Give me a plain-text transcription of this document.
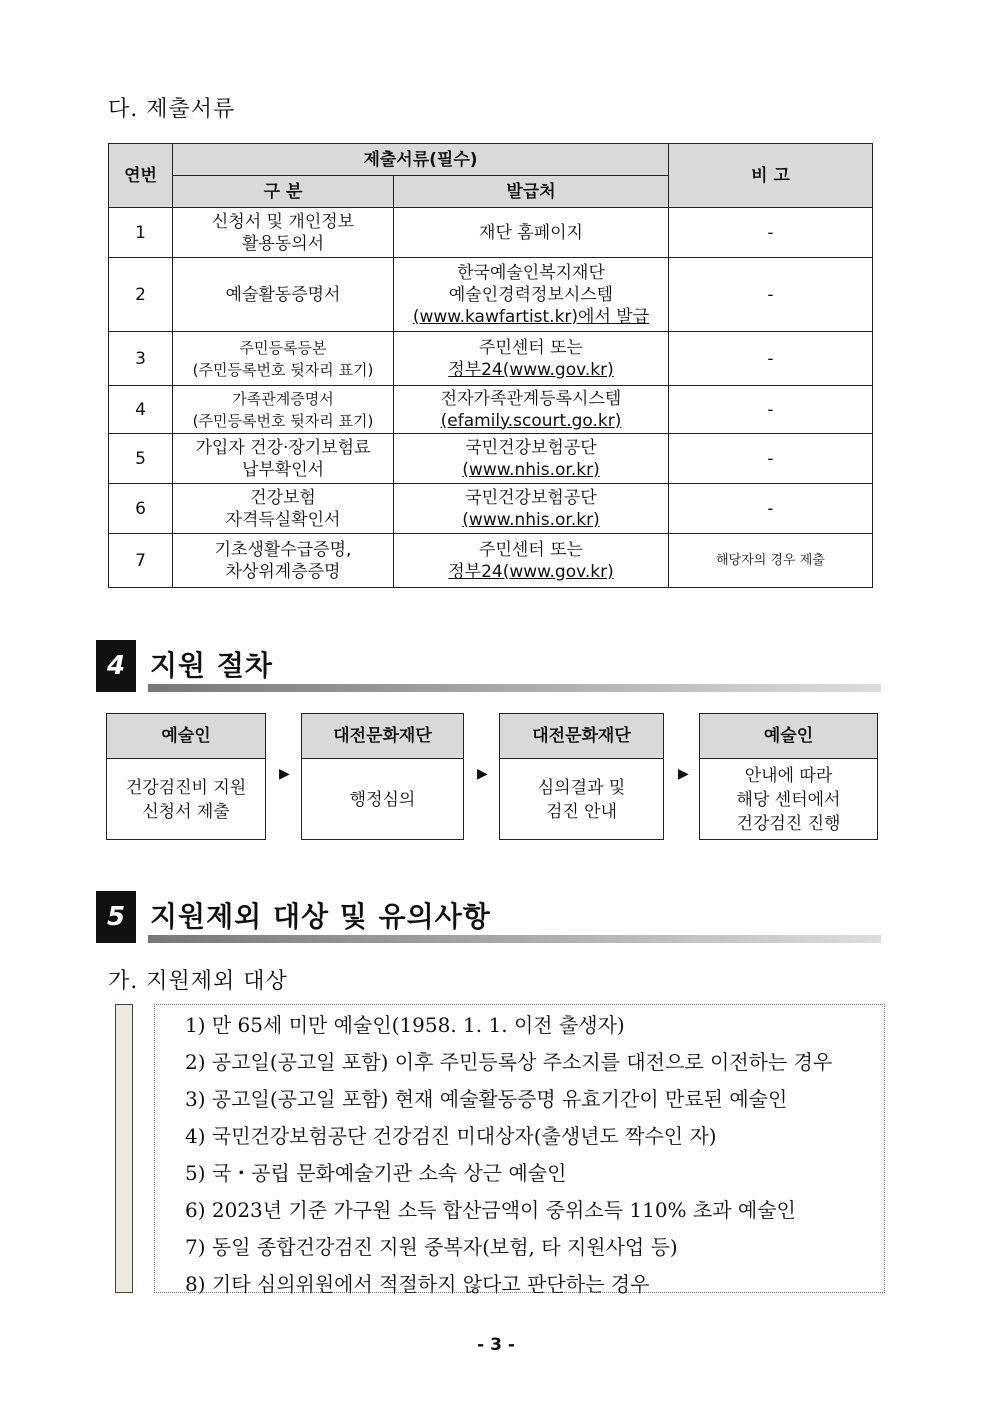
다. 제출서류
연번	제출서류(필수)		비 고
	구 분	발급처	
1	신청서 및 개인정보
활용동의서	재단 홈페이지	-
2	예술활동증명서	한국예술인복지재단
예술인경력정보시스템
(www.kawfartist.kr)에서 발급	-
3	주민등록등본
(주민등록번호 뒷자리 표기)	주민센터 또는
정부24(www.gov.kr)	-
4	가족관계증명서
(주민등록번호 뒷자리 표기)	전자가족관계등록시스템
(efamily.scourt.go.kr)	-
5	가입자 건강·장기보험료
납부확인서	국민건강보험공단
(www.nhis.or.kr)	-
6	건강보험
자격득실확인서	국민건강보험공단
(www.nhis.or.kr)	-
7	기초생활수급증명,
차상위계층증명	주민센터 또는
정부24(www.gov.kr)	해당자의 경우 제출
4 지원 절차
예술인
건강검진비 지원
신청서 제출
▶
대전문화재단
행정심의
▶
대전문화재단
심의결과 및
검진 안내
▶
예술인
안내에 따라
해당 센터에서
건강검진 진행
5 지원제외 대상 및 유의사항
가. 지원제외 대상
1) 만 65세 미만 예술인(1958. 1. 1. 이전 출생자)
2) 공고일(공고일 포함) 이후 주민등록상 주소지를 대전으로 이전하는 경우
3) 공고일(공고일 포함) 현재 예술활동증명 유효기간이 만료된 예술인
4) 국민건강보험공단 건강검진 미대상자(출생년도 짝수인 자)
5) 국・공립 문화예술기관 소속 상근 예술인
6) 2023년 기준 가구원 소득 합산금액이 중위소득 110% 초과 예술인
7) 동일 종합건강검진 지원 중복자(보험, 타 지원사업 등)
8) 기타 심의위원에서 적절하지 않다고 판단하는 경우
- 3 -
